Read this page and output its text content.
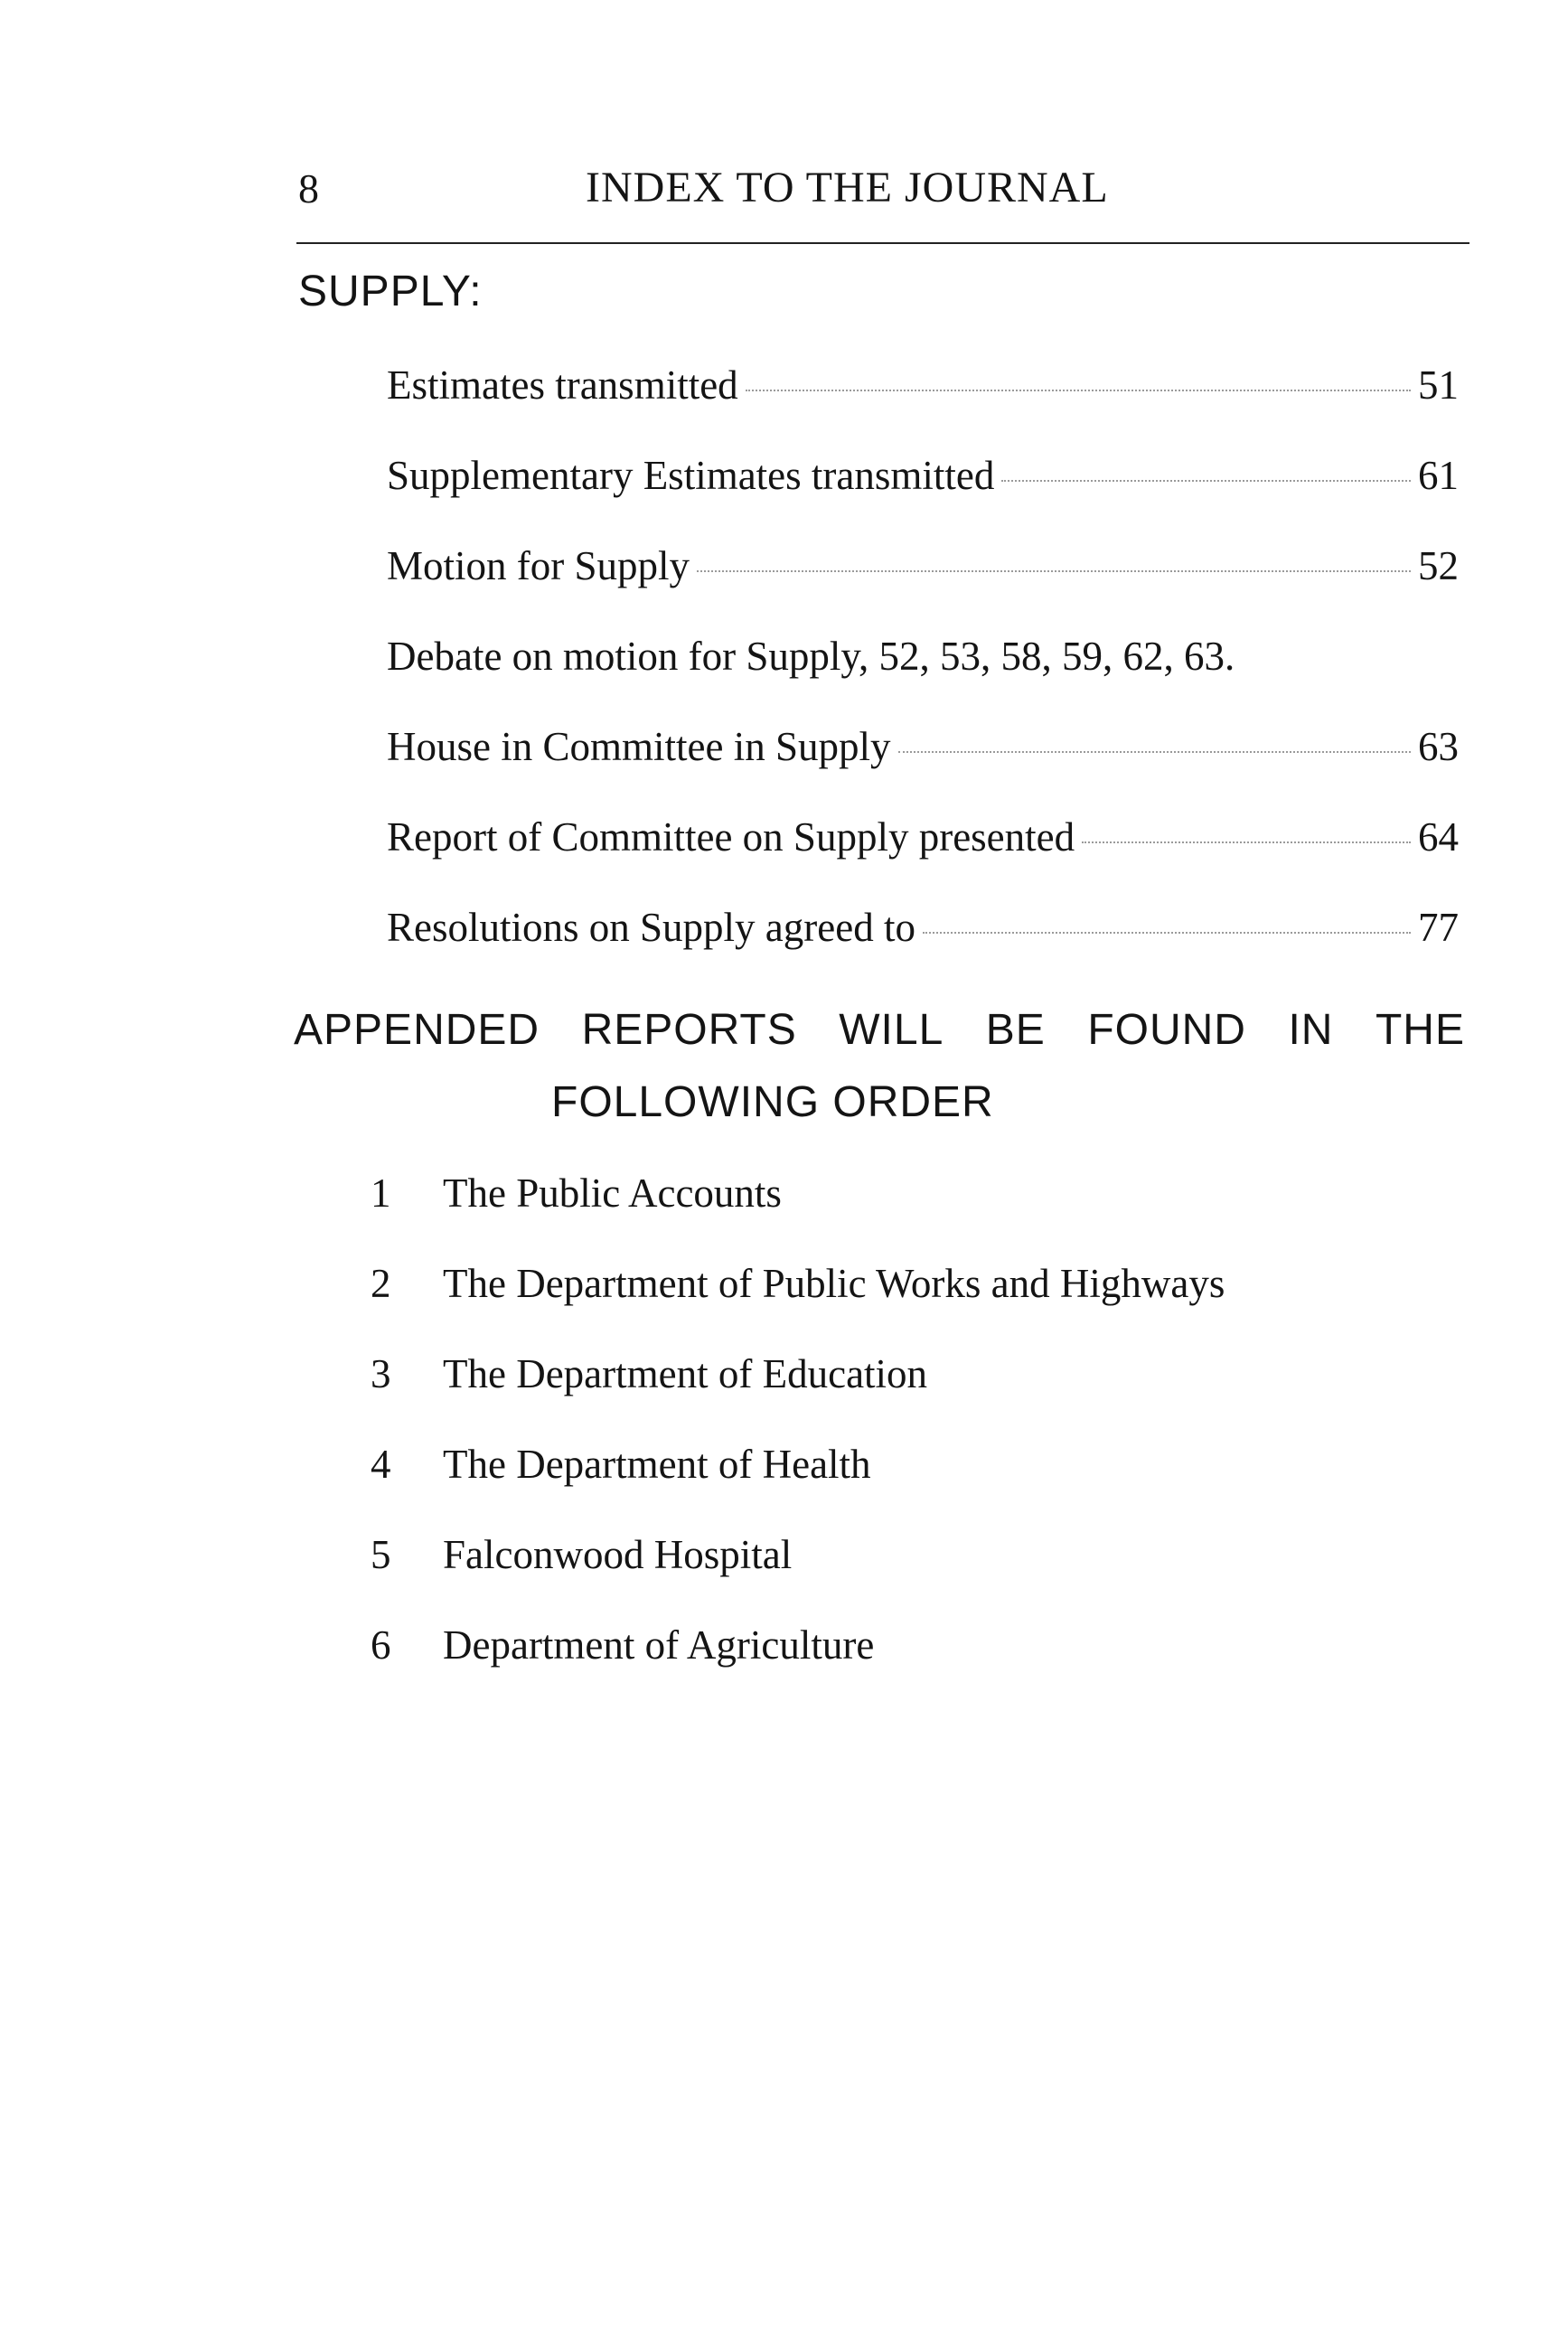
8	INDEX TO THE JOURNAL
SUPPLY:
Estimates transmitted	51
Supplementary Estimates transmitted	61
Motion for Supply	52
Debate on motion for Supply, 52, 53, 58, 59, 62, 63.
House in Committee in Supply	63
Report of Committee on Supply presented	64
Resolutions on Supply agreed to	77
APPENDED REPORTS WILL BE FOUND IN THE
FOLLOWING ORDER
1	The Public Accounts
2	The Department of Public Works and Highways
3	The Department of Education
4	The Department of Health
5	Falconwood Hospital
6	Department of Agriculture
